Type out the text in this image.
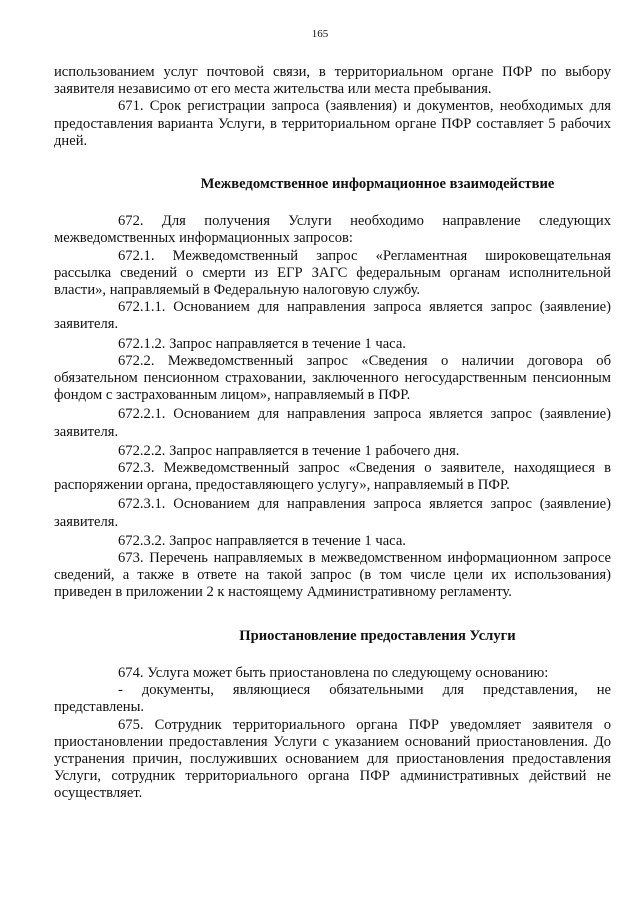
165

использованием услуг почтовой связи, в территориальном органе ПФР по выбору заявителя независимо от его места жительства или места пребывания.

671. Срок регистрации запроса (заявления) и документов, необходимых для предоставления варианта Услуги, в территориальном органе ПФР составляет 5 рабочих дней.

Межведомственное информационное взаимодействие

672. Для получения Услуги необходимо направление следующих межведомственных информационных запросов:

672.1. Межведомственный запрос «Регламентная широковещательная рассылка сведений о смерти из ЕГР ЗАГС федеральным органам исполнительной власти», направляемый в Федеральную налоговую службу.

672.1.1. Основанием для направления запроса является запрос (заявление) заявителя.

672.1.2. Запрос направляется в течение 1 часа.

672.2. Межведомственный запрос «Сведения о наличии договора об обязательном пенсионном страховании, заключенного негосударственным пенсионным фондом с застрахованным лицом», направляемый в ПФР.

672.2.1. Основанием для направления запроса является запрос (заявление) заявителя.

672.2.2. Запрос направляется в течение 1 рабочего дня.

672.3. Межведомственный запрос «Сведения о заявителе, находящиеся в распоряжении органа, предоставляющего услугу», направляемый в ПФР.

672.3.1. Основанием для направления запроса является запрос (заявление) заявителя.

672.3.2. Запрос направляется в течение 1 часа.

673. Перечень направляемых в межведомственном информационном запросе сведений, а также в ответе на такой запрос (в том числе цели их использования) приведен в приложении 2 к настоящему Административному регламенту.

Приостановление предоставления Услуги

674. Услуга может быть приостановлена по следующему основанию:

- документы, являющиеся обязательными для представления, не представлены.

675. Сотрудник территориального органа ПФР уведомляет заявителя о приостановлении предоставления Услуги с указанием оснований приостановления. До устранения причин, послуживших основанием для приостановления предоставления Услуги, сотрудник территориального органа ПФР административных действий не осуществляет.
